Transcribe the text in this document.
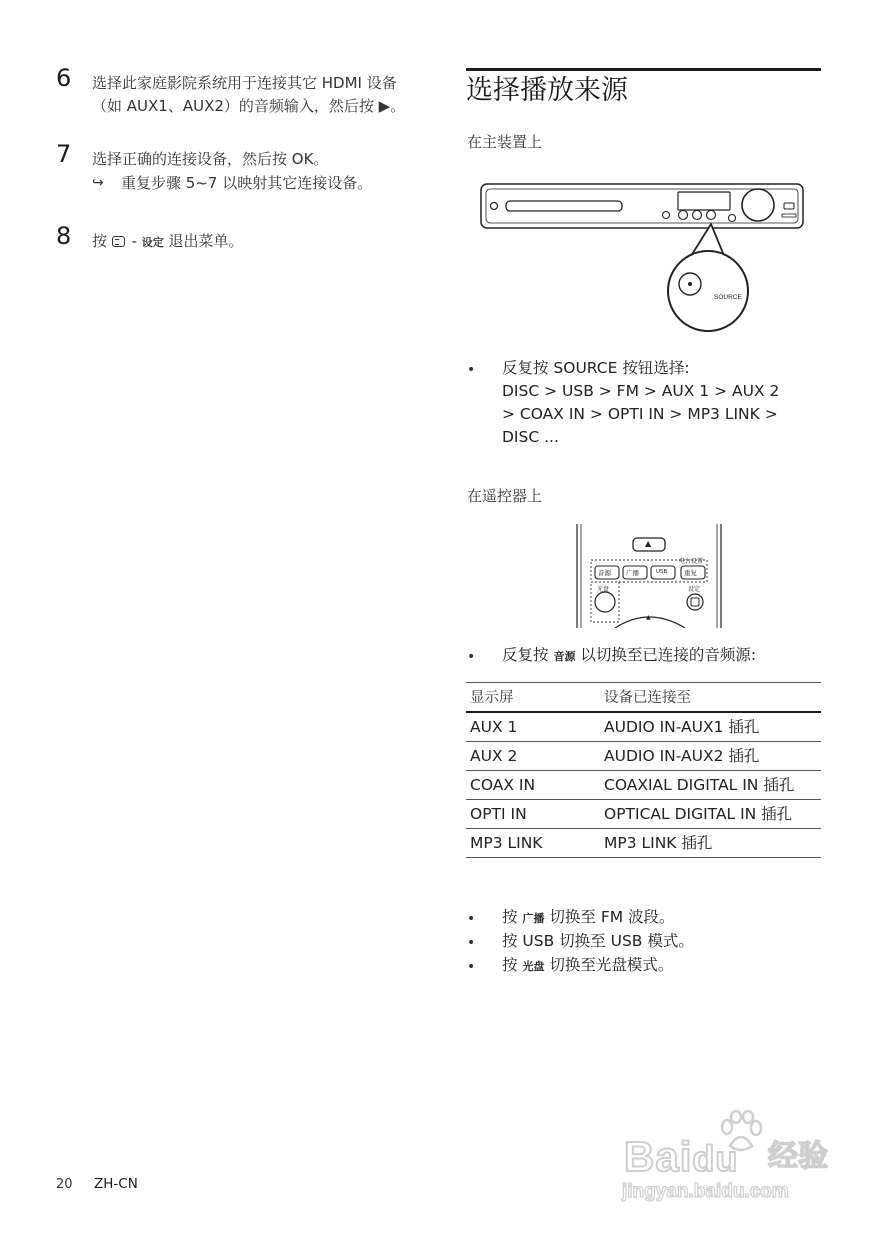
6 选择此家庭影院系统用于连接其它 HDMI 设备（如 AUX1、AUX2）的音频输入，然后按 ▶。
7 选择正确的连接设备，然后按 OK。
↪ 重复步骤 5~7 以映射其它连接设备。
8 按  - 设定 退出菜单。
选择播放来源
在主装置上
SOURCE
• 反复按 SOURCE 按钮选择:
DISC > USB > FM > AUX 1 > AUX 2
> COAX IN > OPTI IN > MP3 LINK >
DISC ...
在遥控器上
▲
电台设置
音源 广播	USB	重复
光盘	设定
▲
• 反复按 音源 以切换至已连接的音频源:
显示屏	设备已连接至
AUX 1	AUDIO IN-AUX1 插孔
AUX 2	AUDIO IN-AUX2 插孔
COAX IN	COAXIAL DIGITAL IN 插孔
OPTI IN	OPTICAL DIGITAL IN 插孔
MP3 LINK	MP3 LINK 插孔
• 按 广播 切换至 FM 波段。
• 按 USB 切换至 USB 模式。
• 按 光盘 切换至光盘模式。
20 ZH-CN
Baidu 经验
jingyan.baidu.com
